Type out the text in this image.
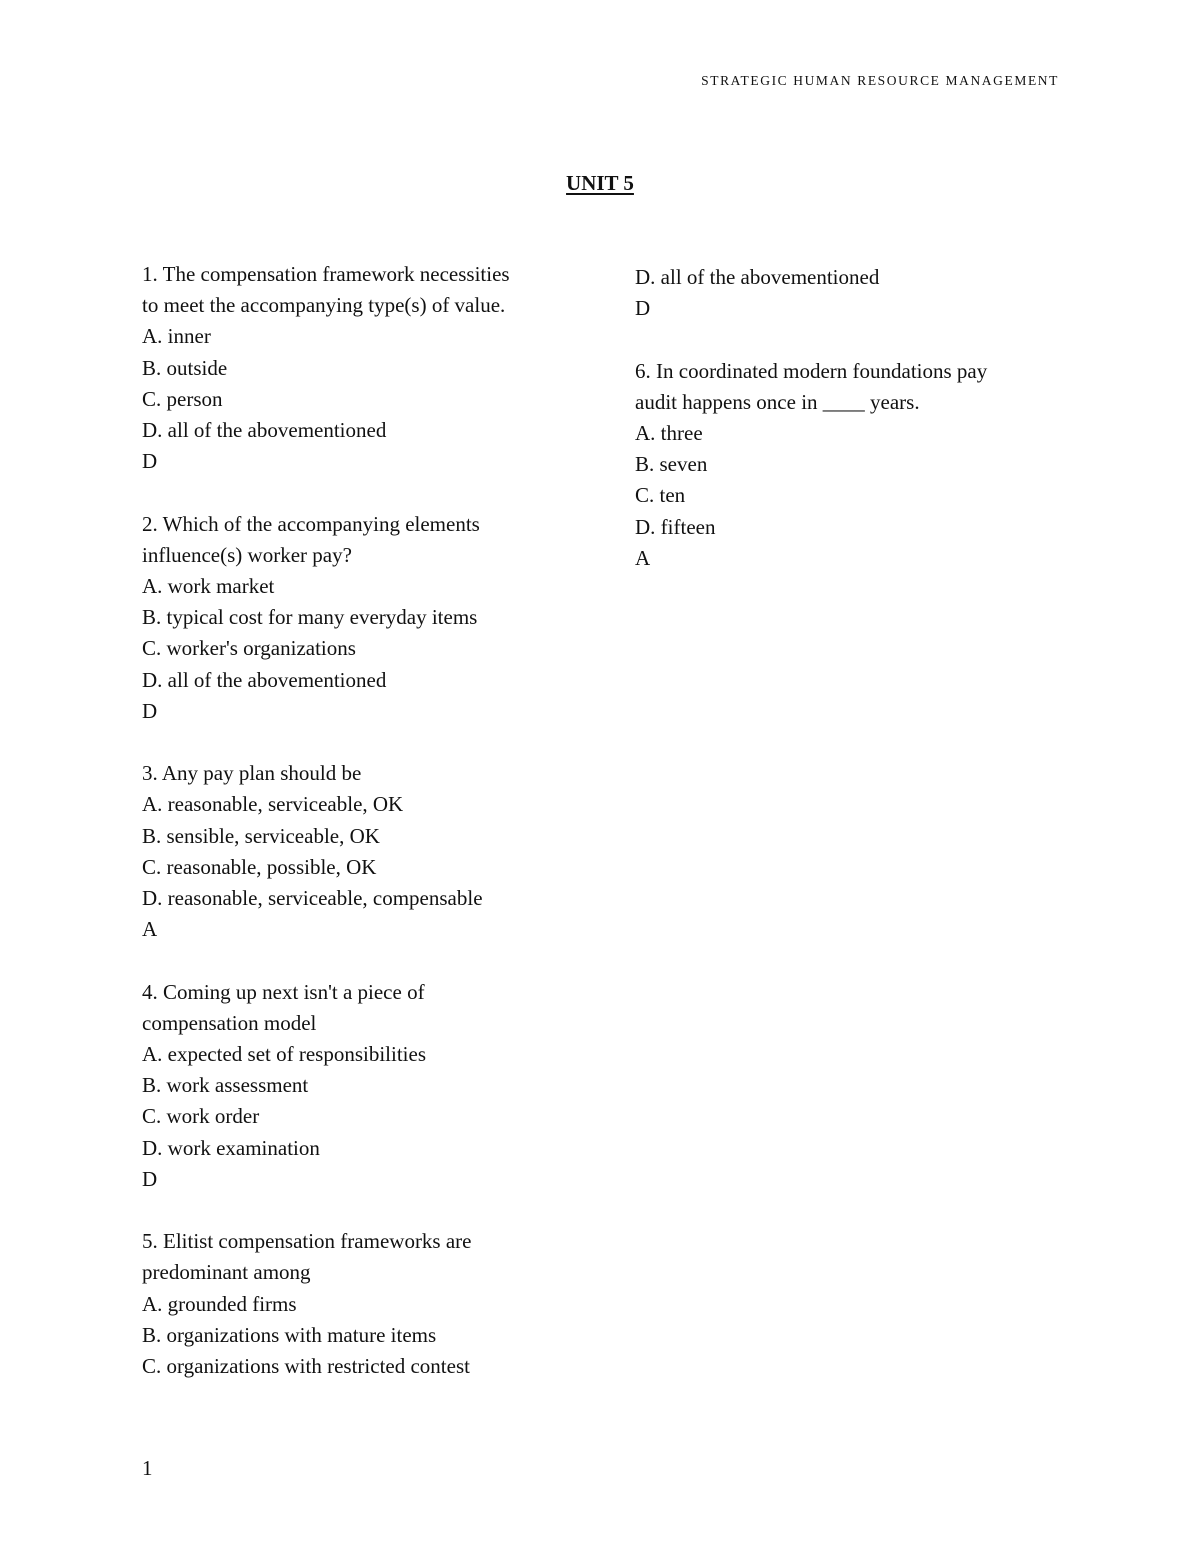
STRATEGIC HUMAN RESOURCE MANAGEMENT
UNIT 5
1. The compensation framework necessities
to meet the accompanying type(s) of value.
A. inner
B. outside
C. person
D. all of the abovementioned
D
2. Which of the accompanying elements
influence(s) worker pay?
A. work market
B. typical cost for many everyday items
C. worker's organizations
D. all of the abovementioned
D
3. Any pay plan should be
A. reasonable, serviceable, OK
B. sensible, serviceable, OK
C. reasonable, possible, OK
D. reasonable, serviceable, compensable
A
4. Coming up next isn't a piece of
compensation model
A. expected set of responsibilities
B. work assessment
C. work order
D. work examination
D
5. Elitist compensation frameworks are
predominant among
A. grounded firms
B. organizations with mature items
C. organizations with restricted contest
D. all of the abovementioned
D
6. In coordinated modern foundations pay
audit happens once in ____ years.
A. three
B. seven
C. ten
D. fifteen
A
1
